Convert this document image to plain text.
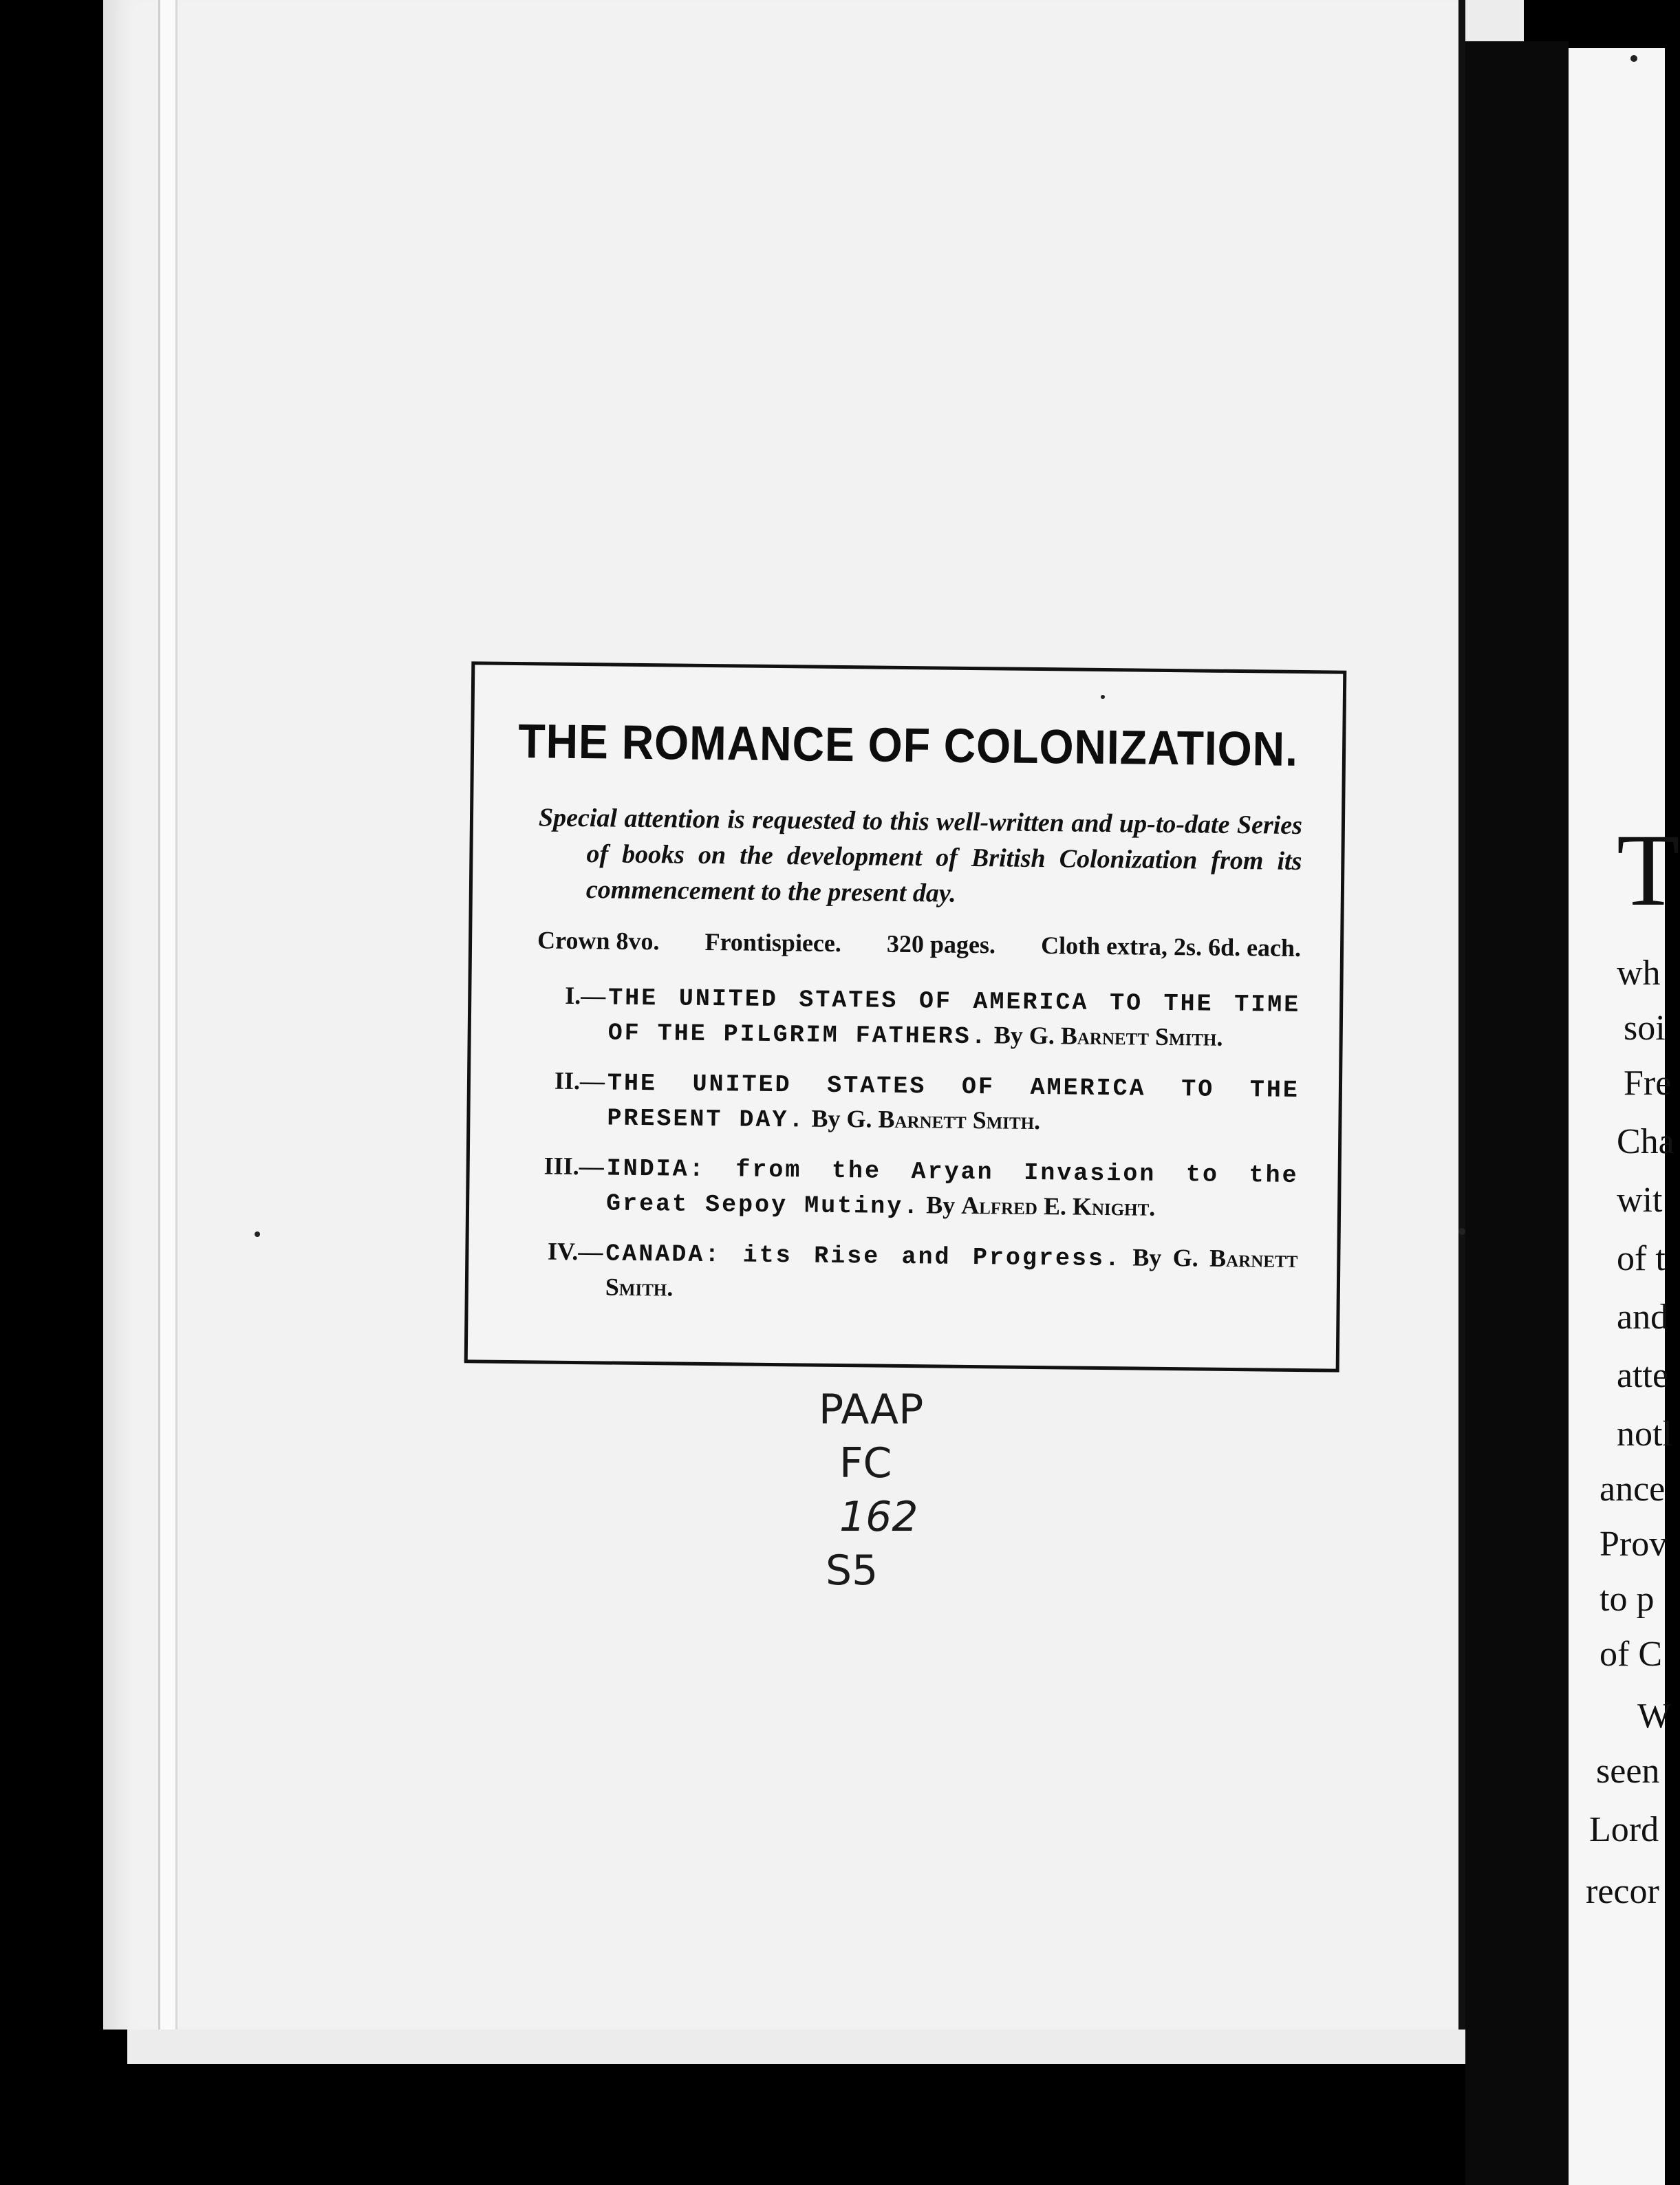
T
wh
soi
Fre
Cha
wit
of t
and
atte
notl
ance
Prov
to p
of C
W
seen
Lord
recor
THE ROMANCE OF COLONIZATION.
Special attention is requested to this well-written and up-to-date Series of books on the development of British Colonization from its commencement to the present day.
Crown 8vo. Frontispiece. 320 pages. Cloth extra, 2s. 6d. each.
I.— THE UNITED STATES OF AMERICA TO THE TIME OF THE PILGRIM FATHERS. By G. Barnett Smith.
II.— THE UNITED STATES OF AMERICA TO THE PRESENT DAY. By G. Barnett Smith.
III.— INDIA: from the Aryan Invasion to the Great Sepoy Mutiny. By Alfred E. Knight.
IV.— CANADA: its Rise and Progress. By G. Barnett Smith.
PAAP
FC
162
S5
